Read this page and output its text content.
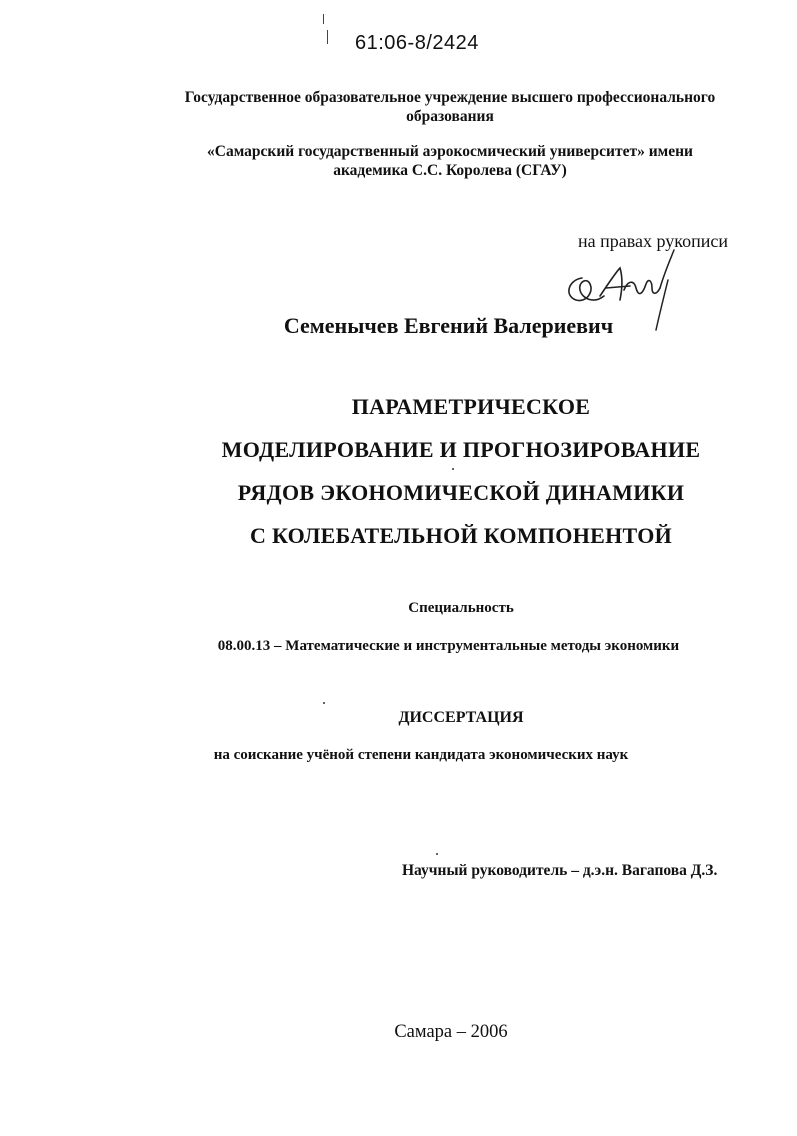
61:06-8/2424
Государственное образовательное учреждение высшего профессионального
образования
«Самарский государственный аэрокосмический университет» имени
академика С.С. Королева (СГАУ)
на правах рукописи
Семенычев Евгений Валериевич
ПАРАМЕТРИЧЕСКОЕ
МОДЕЛИРОВАНИЕ И ПРОГНОЗИРОВАНИЕ
РЯДОВ ЭКОНОМИЧЕСКОЙ ДИНАМИКИ
С КОЛЕБАТЕЛЬНОЙ КОМПОНЕНТОЙ
Специальность
08.00.13 – Математические и инструментальные методы экономики
ДИССЕРТАЦИЯ
на соискание учёной степени кандидата экономических наук
Научный руководитель – д.э.н. Вагапова Д.З.
Самара – 2006
